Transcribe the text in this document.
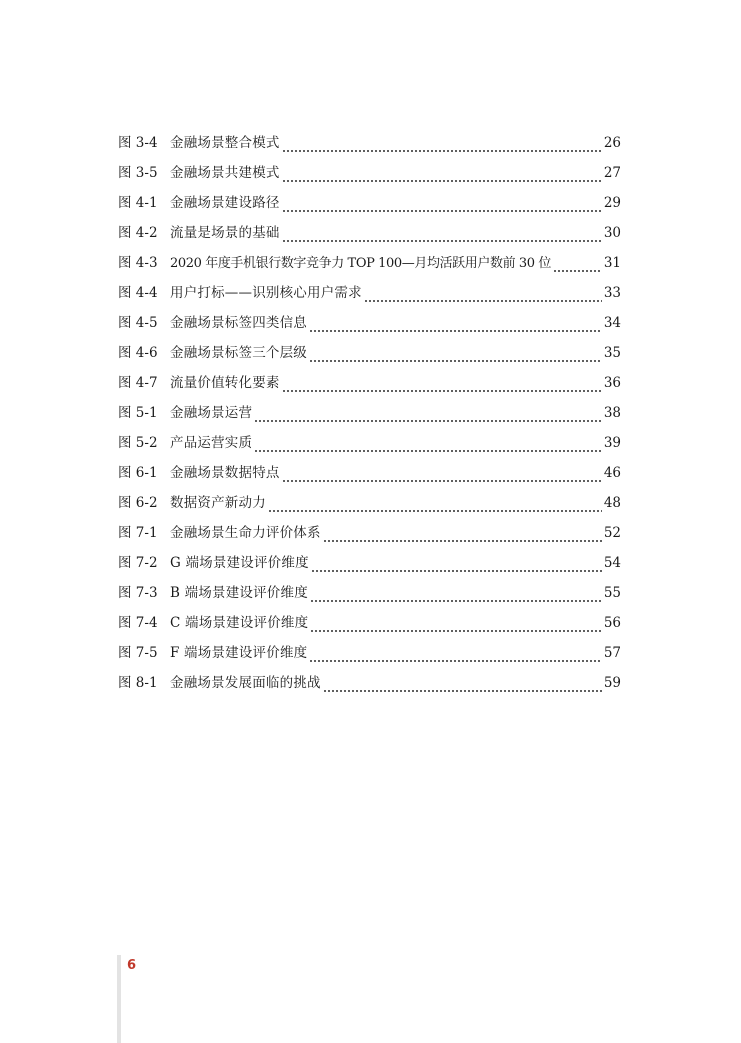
图 3-4 金融场景整合模式	26
图 3-5 金融场景共建模式	27
图 4-1 金融场景建设路径	29
图 4-2 流量是场景的基础	30
图 4-3 2020 年度手机银行数字竞争力 TOP 100—月均活跃用户数前 30 位	31
图 4-4 用户打标——识别核心用户需求	33
图 4-5 金融场景标签四类信息	34
图 4-6 金融场景标签三个层级	35
图 4-7 流量价值转化要素	36
图 5-1 金融场景运营	38
图 5-2 产品运营实质	39
图 6-1 金融场景数据特点	46
图 6-2 数据资产新动力	48
图 7-1 金融场景生命力评价体系	52
图 7-2 G 端场景建设评价维度	54
图 7-3 B 端场景建设评价维度	55
图 7-4 C 端场景建设评价维度	56
图 7-5 F 端场景建设评价维度	57
图 8-1 金融场景发展面临的挑战	59
6
